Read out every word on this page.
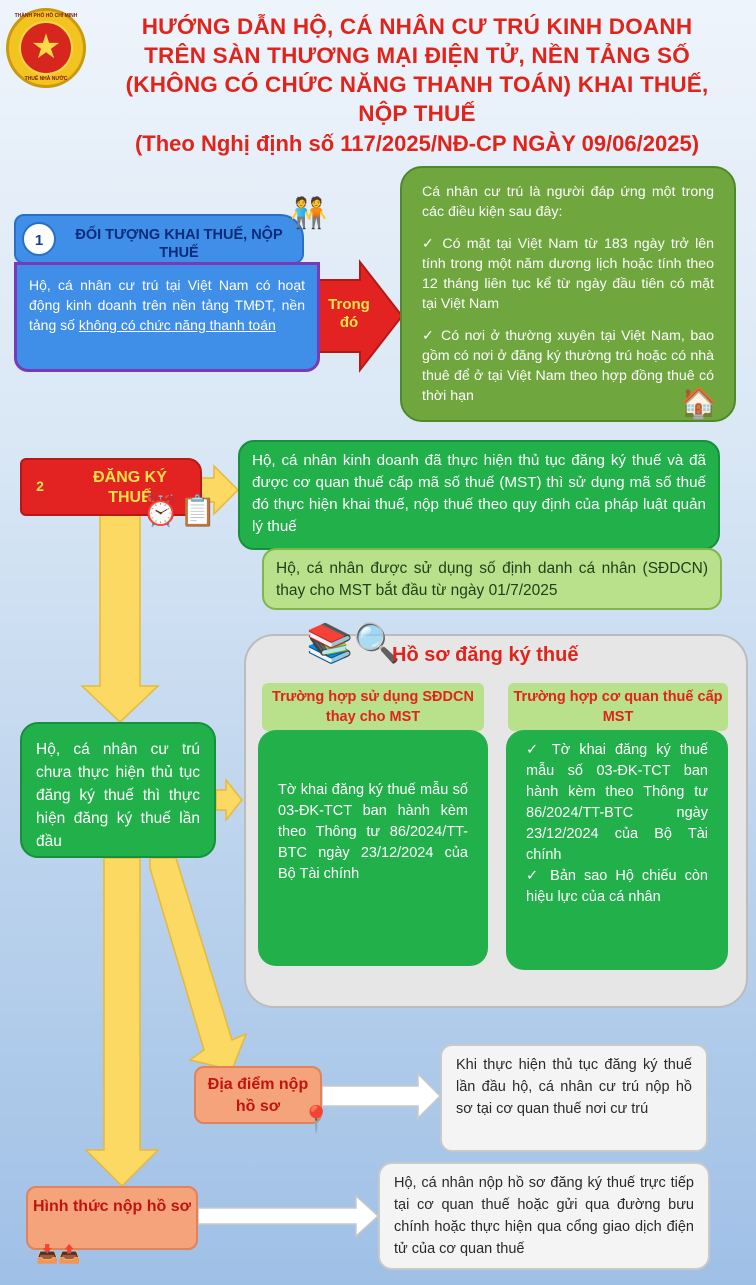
THÀNH PHỐ HỒ CHÍ MINH
★
THUẾ NHÀ NƯỚC
HƯỚNG DẪN HỘ, CÁ NHÂN CƯ TRÚ KINH DOANH
TRÊN SÀN THƯƠNG MẠI ĐIỆN TỬ, NỀN TẢNG SỐ
(KHÔNG CÓ CHỨC NĂNG THANH TOÁN) KHAI THUẾ,
NỘP THUẾ
(Theo Nghị định số 117/2025/NĐ-CP NGÀY 09/06/2025)
ĐỐI TƯỢNG KHAI THUẾ, NỘP THUẾ
1
🧑‍🤝‍🧑
Hộ, cá nhân cư trú tại Việt Nam có hoạt động kinh doanh trên nền tảng TMĐT, nền tảng số không có chức năng thanh toán
Trong đó

Cá nhân cư trú là người đáp ứng một trong các điều kiện sau đây:

✓ Có mặt tại Việt Nam từ 183 ngày trở lên tính trong một năm dương lịch hoặc tính theo 12 tháng liên tục kể từ ngày đầu tiên có mặt tại Việt Nam

✓ Có nơi ở thường xuyên tại Việt Nam, bao gồm có nơi ở đăng ký thường trú hoặc có nhà thuê để ở tại Việt Nam theo hợp đồng thuê có thời hạn	🏠
ĐĂNG KÝ THUẾ
2
⏰📋
Hộ, cá nhân kinh doanh đã thực hiện thủ tục đăng ký thuế và đã được cơ quan thuế cấp mã số thuế (MST) thì sử dụng mã số thuế đó thực hiện khai thuế, nộp thuế theo quy định của pháp luật quản lý thuế
Hộ, cá nhân được sử dụng số định danh cá nhân (SĐDCN) thay cho MST bắt đầu từ ngày 01/7/2025
📚🔍
Hồ sơ đăng ký thuế
Trường hợp sử dụng SĐDCN thay cho MST
Trường hợp cơ quan thuế cấp MST
Tờ khai đăng ký thuế mẫu số 03-ĐK-TCT ban hành kèm theo Thông tư 86/2024/TT-BTC ngày 23/12/2024 của Bộ Tài chính
✓ Tờ khai đăng ký thuế mẫu số 03-ĐK-TCT ban hành kèm theo Thông tư 86/2024/TT-BTC ngày 23/12/2024 của Bộ Tài chính
✓ Bản sao Hộ chiếu còn hiệu lực của cá nhân
Hộ, cá nhân cư trú chưa thực hiện thủ tục đăng ký thuế thì thực hiện đăng ký thuế lần đầu
Địa điểm nộp hồ sơ 📍
Khi thực hiện thủ tục đăng ký thuế lần đầu hộ, cá nhân cư trú nộp hồ sơ tại cơ quan thuế nơi cư trú
Hình thức nộp hồ sơ
📥📤
Hộ, cá nhân nộp hồ sơ đăng ký thuế trực tiếp tại cơ quan thuế hoặc gửi qua đường bưu chính hoặc thực hiện qua cổng giao dịch điện tử của cơ quan thuế
